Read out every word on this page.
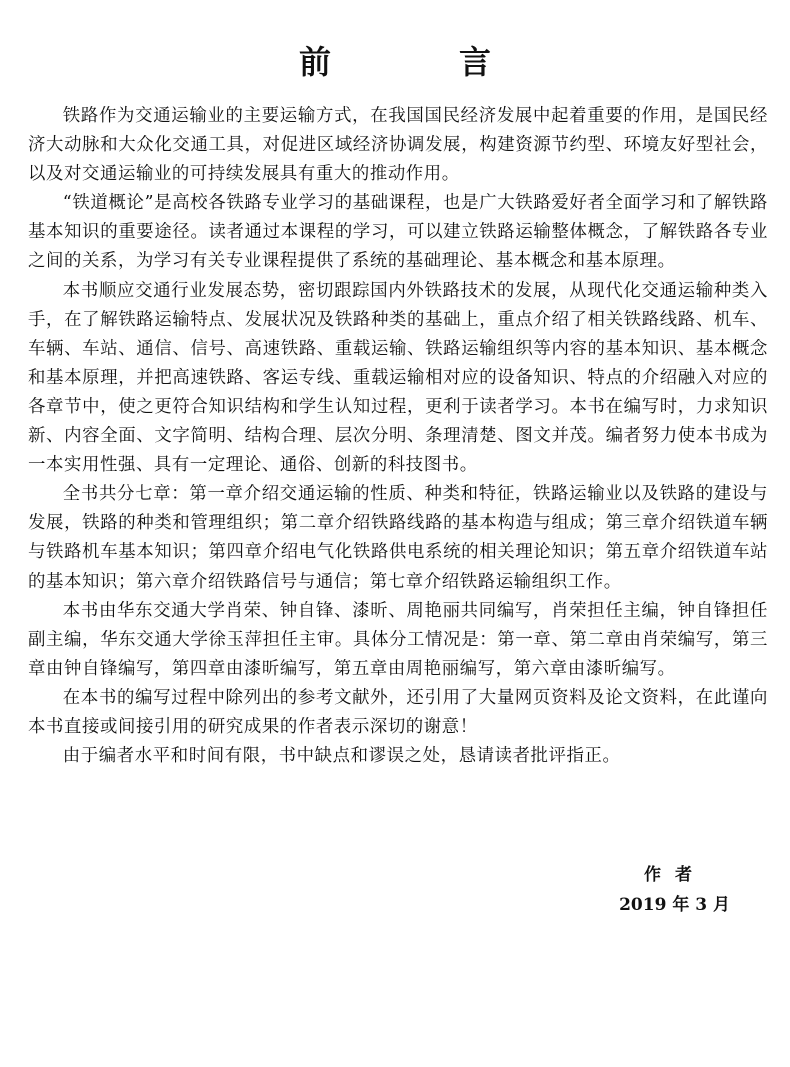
前　言

铁路作为交通运输业的主要运输方式，在我国国民经济发展中起着重要的作用，是国民经济大动脉和大众化交通工具，对促进区域经济协调发展，构建资源节约型、环境友好型社会，以及对交通运输业的可持续发展具有重大的推动作用。

“铁道概论”是高校各铁路专业学习的基础课程，也是广大铁路爱好者全面学习和了解铁路基本知识的重要途径。读者通过本课程的学习，可以建立铁路运输整体概念，了解铁路各专业之间的关系，为学习有关专业课程提供了系统的基础理论、基本概念和基本原理。

本书顺应交通行业发展态势，密切跟踪国内外铁路技术的发展，从现代化交通运输种类入手，在了解铁路运输特点、发展状况及铁路种类的基础上，重点介绍了相关铁路线路、机车、车辆、车站、通信、信号、高速铁路、重载运输、铁路运输组织等内容的基本知识、基本概念和基本原理，并把高速铁路、客运专线、重载运输相对应的设备知识、特点的介绍融入对应的各章节中，使之更符合知识结构和学生认知过程，更利于读者学习。本书在编写时，力求知识新、内容全面、文字简明、结构合理、层次分明、条理清楚、图文并茂。编者努力使本书成为一本实用性强、具有一定理论、通俗、创新的科技图书。

全书共分七章：第一章介绍交通运输的性质、种类和特征，铁路运输业以及铁路的建设与发展，铁路的种类和管理组织；第二章介绍铁路线路的基本构造与组成；第三章介绍铁道车辆与铁路机车基本知识；第四章介绍电气化铁路供电系统的相关理论知识；第五章介绍铁道车站的基本知识；第六章介绍铁路信号与通信；第七章介绍铁路运输组织工作。

本书由华东交通大学肖荣、钟自锋、漆昕、周艳丽共同编写，肖荣担任主编，钟自锋担任副主编，华东交通大学徐玉萍担任主审。具体分工情况是：第一章、第二章由肖荣编写，第三章由钟自锋编写，第四章由漆昕编写，第五章由周艳丽编写，第六章由漆昕编写。

在本书的编写过程中除列出的参考文献外，还引用了大量网页资料及论文资料，在此谨向本书直接或间接引用的研究成果的作者表示深切的谢意！

由于编者水平和时间有限，书中缺点和谬误之处，恳请读者批评指正。

作者
2019 年 3 月
